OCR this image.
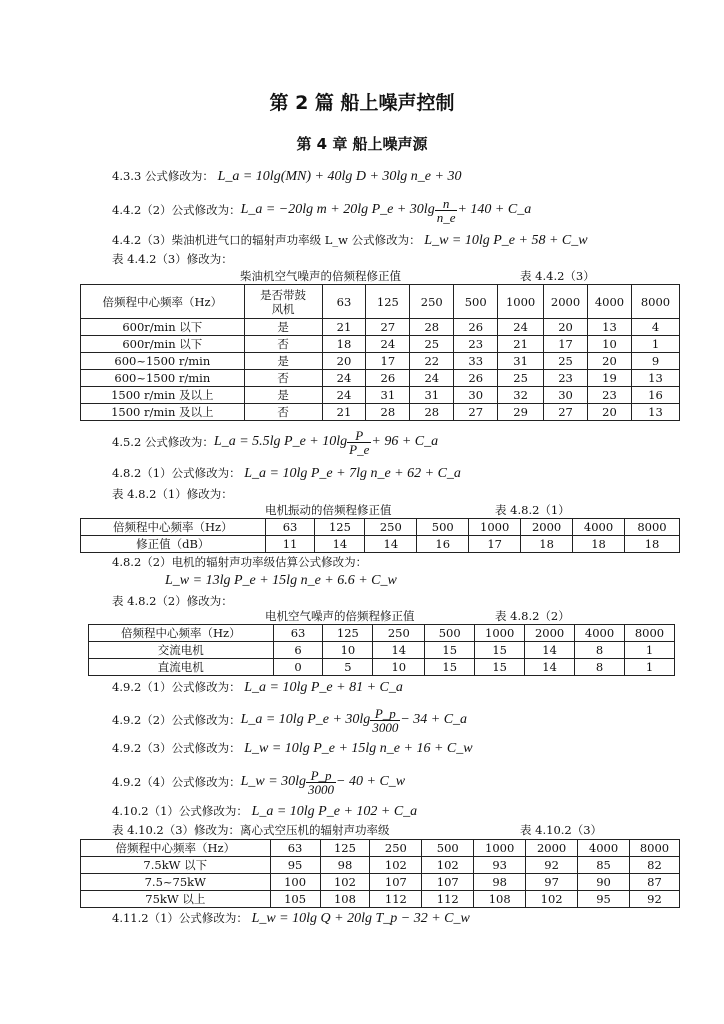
第 2 篇 船上噪声控制
第 4 章 船上噪声源
4.3.3 公式修改为： L_a = 10lg(MN) + 40lg D + 30lg n_e + 30
4.4.2（2）公式修改为： L_a = −20lg m + 20lg P_e + $30\lg \frac{n}{n\_e} + 140$ + C_a
4.4.2（3）柴油机进气口的辐射声功率级 L_w 公式修改为： L_w = 10lg P_e + 58 + C_w
表 4.4.2（3）修改为：
柴油机空气噪声的倍频程修正值	表 4.4.2（3）
倍频程中心频率（Hz）	是否带鼓风机	63	125	250	500	1000	2000	4000	8000
600r/min 以下	是	21	27	28	26	24	20	13	4
600r/min 以下	否	18	24	25	23	21	17	10	1
600~1500 r/min	是	20	17	22	33	31	25	20	9
600~1500 r/min	否	24	26	24	26	25	23	19	13
1500 r/min 及以上	是	24	31	31	30	32	30	23	16
1500 r/min 及以上	否	21	28	28	27	29	27	20	13
4.5.2 公式修改为： L_a = 5.5lg P_e + $10\lg \frac{P}{P\_e} + 96$ + C_a
4.8.2（1）公式修改为： L_a = 10lg P_e + 7lg n_e + 62 + C_a
表 4.8.2（1）修改为：
电机振动的倍频程修正值	表 4.8.2（1）
倍频程中心频率（Hz）	63	125	250	500	1000	2000	4000	8000
修正值（dB）	11	14	14	16	17	18	18	18
4.8.2（2）电机的辐射声功率级估算公式修改为：
L_w = 13lg P_e + 15lg n_e + 6.6 + C_w
表 4.8.2（2）修改为：
电机空气噪声的倍频程修正值	表 4.8.2（2）
倍频程中心频率（Hz）	63	125	250	500	1000	2000	4000	8000
交流电机	6	10	14	15	15	14	8	1
直流电机	0	5	10	15	15	14	8	1
4.9.2（1）公式修改为： L_a = 10lg P_e + 81 + C_a
4.9.2（2）公式修改为： L_a = 10lg P_e + $30\lg \frac{P\_p}{3000} - 34$ + C_a
4.9.2（3）公式修改为： L_w = 10lg P_e + 15lg n_e + 16 + C_w
4.9.2（4）公式修改为： L_w = $30\lg \frac{P\_p}{3000} - 40$ + C_w
4.10.2（1）公式修改为： L_a = 10lg P_e + 102 + C_a
表 4.10.2（3）修改为：离心式空压机的辐射声功率级	表 4.10.2（3）
倍频程中心频率（Hz）	63	125	250	500	1000	2000	4000	8000
7.5kW 以下	95	98	102	102	93	92	85	82
7.5~75kW	100	102	107	107	98	97	90	87
75kW 以上	105	108	112	112	108	102	95	92
4.11.2（1）公式修改为： L_w = 10lg Q + 20lg T_p − 32 + C_w
